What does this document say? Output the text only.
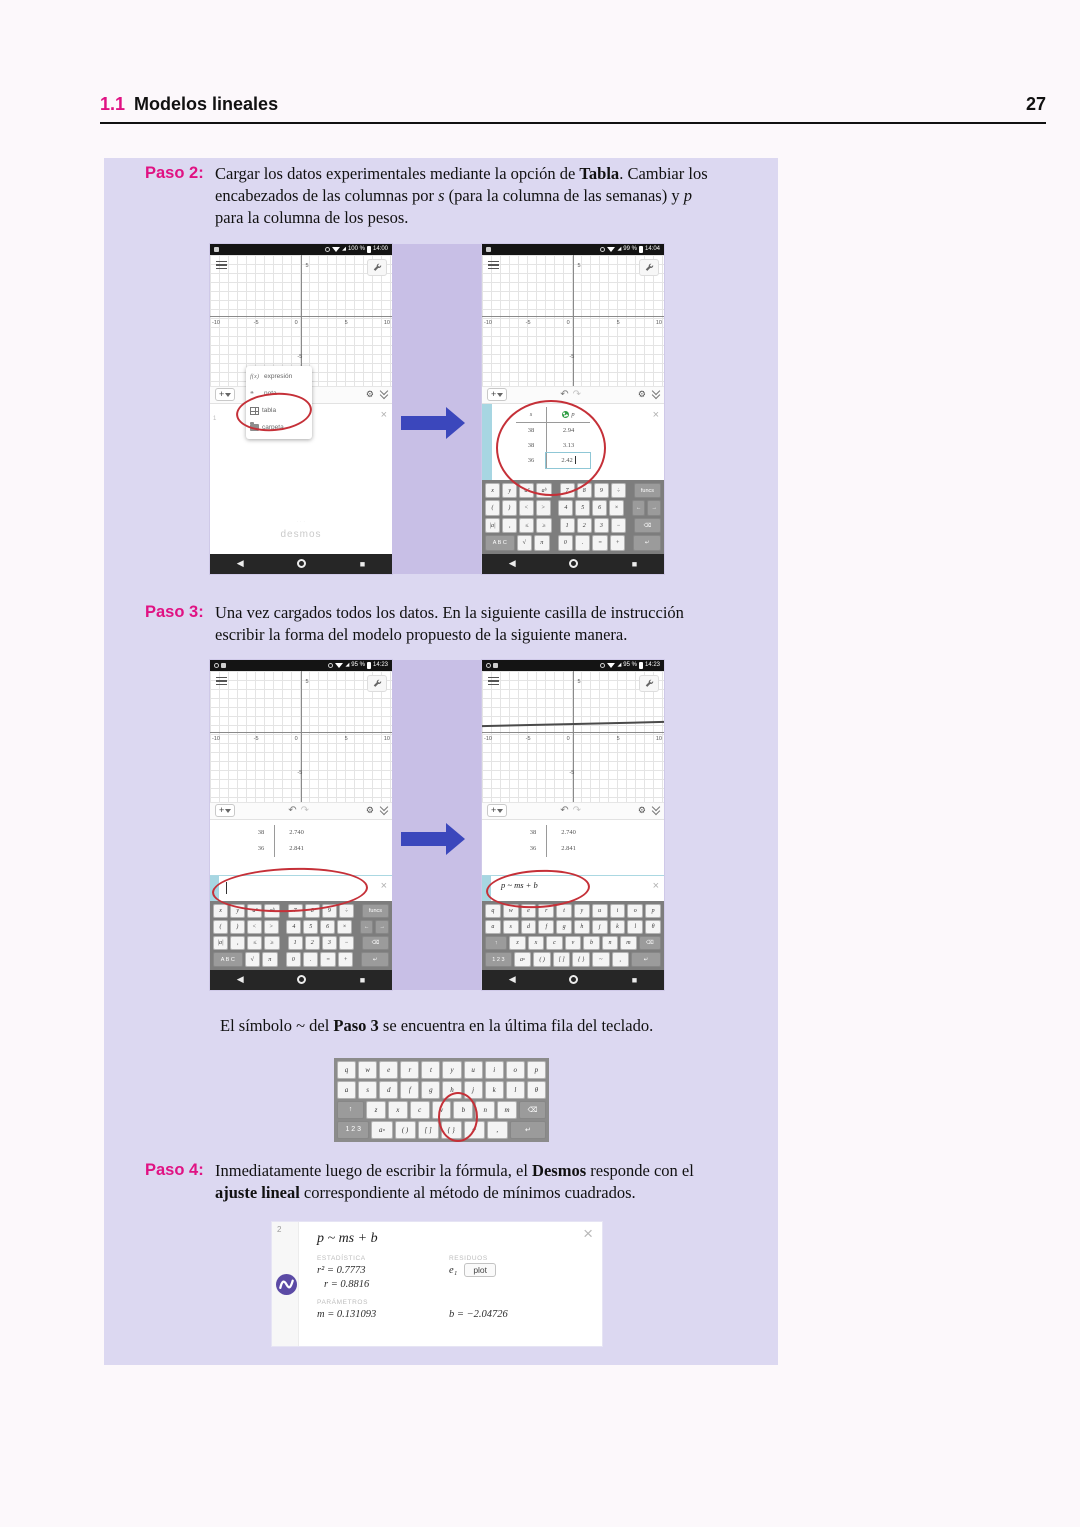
27
1.1 Modelos lineales
Paso 2: Cargar los datos experimentales mediante la opción de Tabla. Cambiar los encabezados de las columnas por s (para la columna de las semanas) y p para la columna de los pesos.

◢ 100 % 14:00
-10	-5	0	5	10
5
-5
+	⚙
1	×
· · ·
desmos
◀	■
f(x) expresión
❝	nota
tabla
carpeta
◢ 99 % 14:04
-10	-5	0	5	10
5
-5
+	↶↷	⚙
s	p
38	2.94
38	3.13
36	2.42
×
x	y	a²	aᵇ	7	8	9	÷	funcs
(	)	<	>	4	5	6	×	←	→
|a|	,	≤	≥	1	2	3	−	⌫
A B C	√	π	0	.	=	+	↵
◀	■
Paso 3: Una vez cargados todos los datos. En la siguiente casilla de instrucción escribir la forma del modelo propuesto de la siguiente manera.

◢ 95 % 14:23
-10	-5	0	5	10
5
-5
+	↶↷	⚙
38	2.740
36	2.841
×
x	y	a²	aᵇ	7	8	9	÷	funcs
(	)	<	>	4	5	6	×	←	→
|a|	,	≤	≥	1	2	3	−	⌫
A B C	√	π	0	.	=	+	↵
◀	■
◢ 95 % 14:23
-10	-5	0	5	10
5
-5
+	↶↷	⚙
38	2.740
36	2.841
p ~ ms + b	×
q	w	e	r	t	y	u	i	o	p
a	s	d	f	g	h	j	k	l	θ
↑	z	x	c	v	b	n	m	⌫
1 2 3	a▫	( )	[ ]	{ }	~	,	↵
◀	■

El símbolo ~ del Paso 3 se encuentra en la última fila del teclado.

q	w	e	r	t	y	u	i	o	p
a	s	d	f	g	h	j	k	l	θ
↑	z	x	c	v	b	n	m	⌫
1 2 3	a▫	( )	[ ]	{ }	~	,	↵
Paso 4: Inmediatamente luego de escribir la fórmula, el Desmos responde con el ajuste lineal correspondiente al método de mínimos cuadrados.

2	×
p ~ ms + b
ESTADÍSTICA
r² = 0.7773
r = 0.8816
RESIDUOS
e₁ plot
PARÁMETROS
m = 0.131093	b = −2.04726
